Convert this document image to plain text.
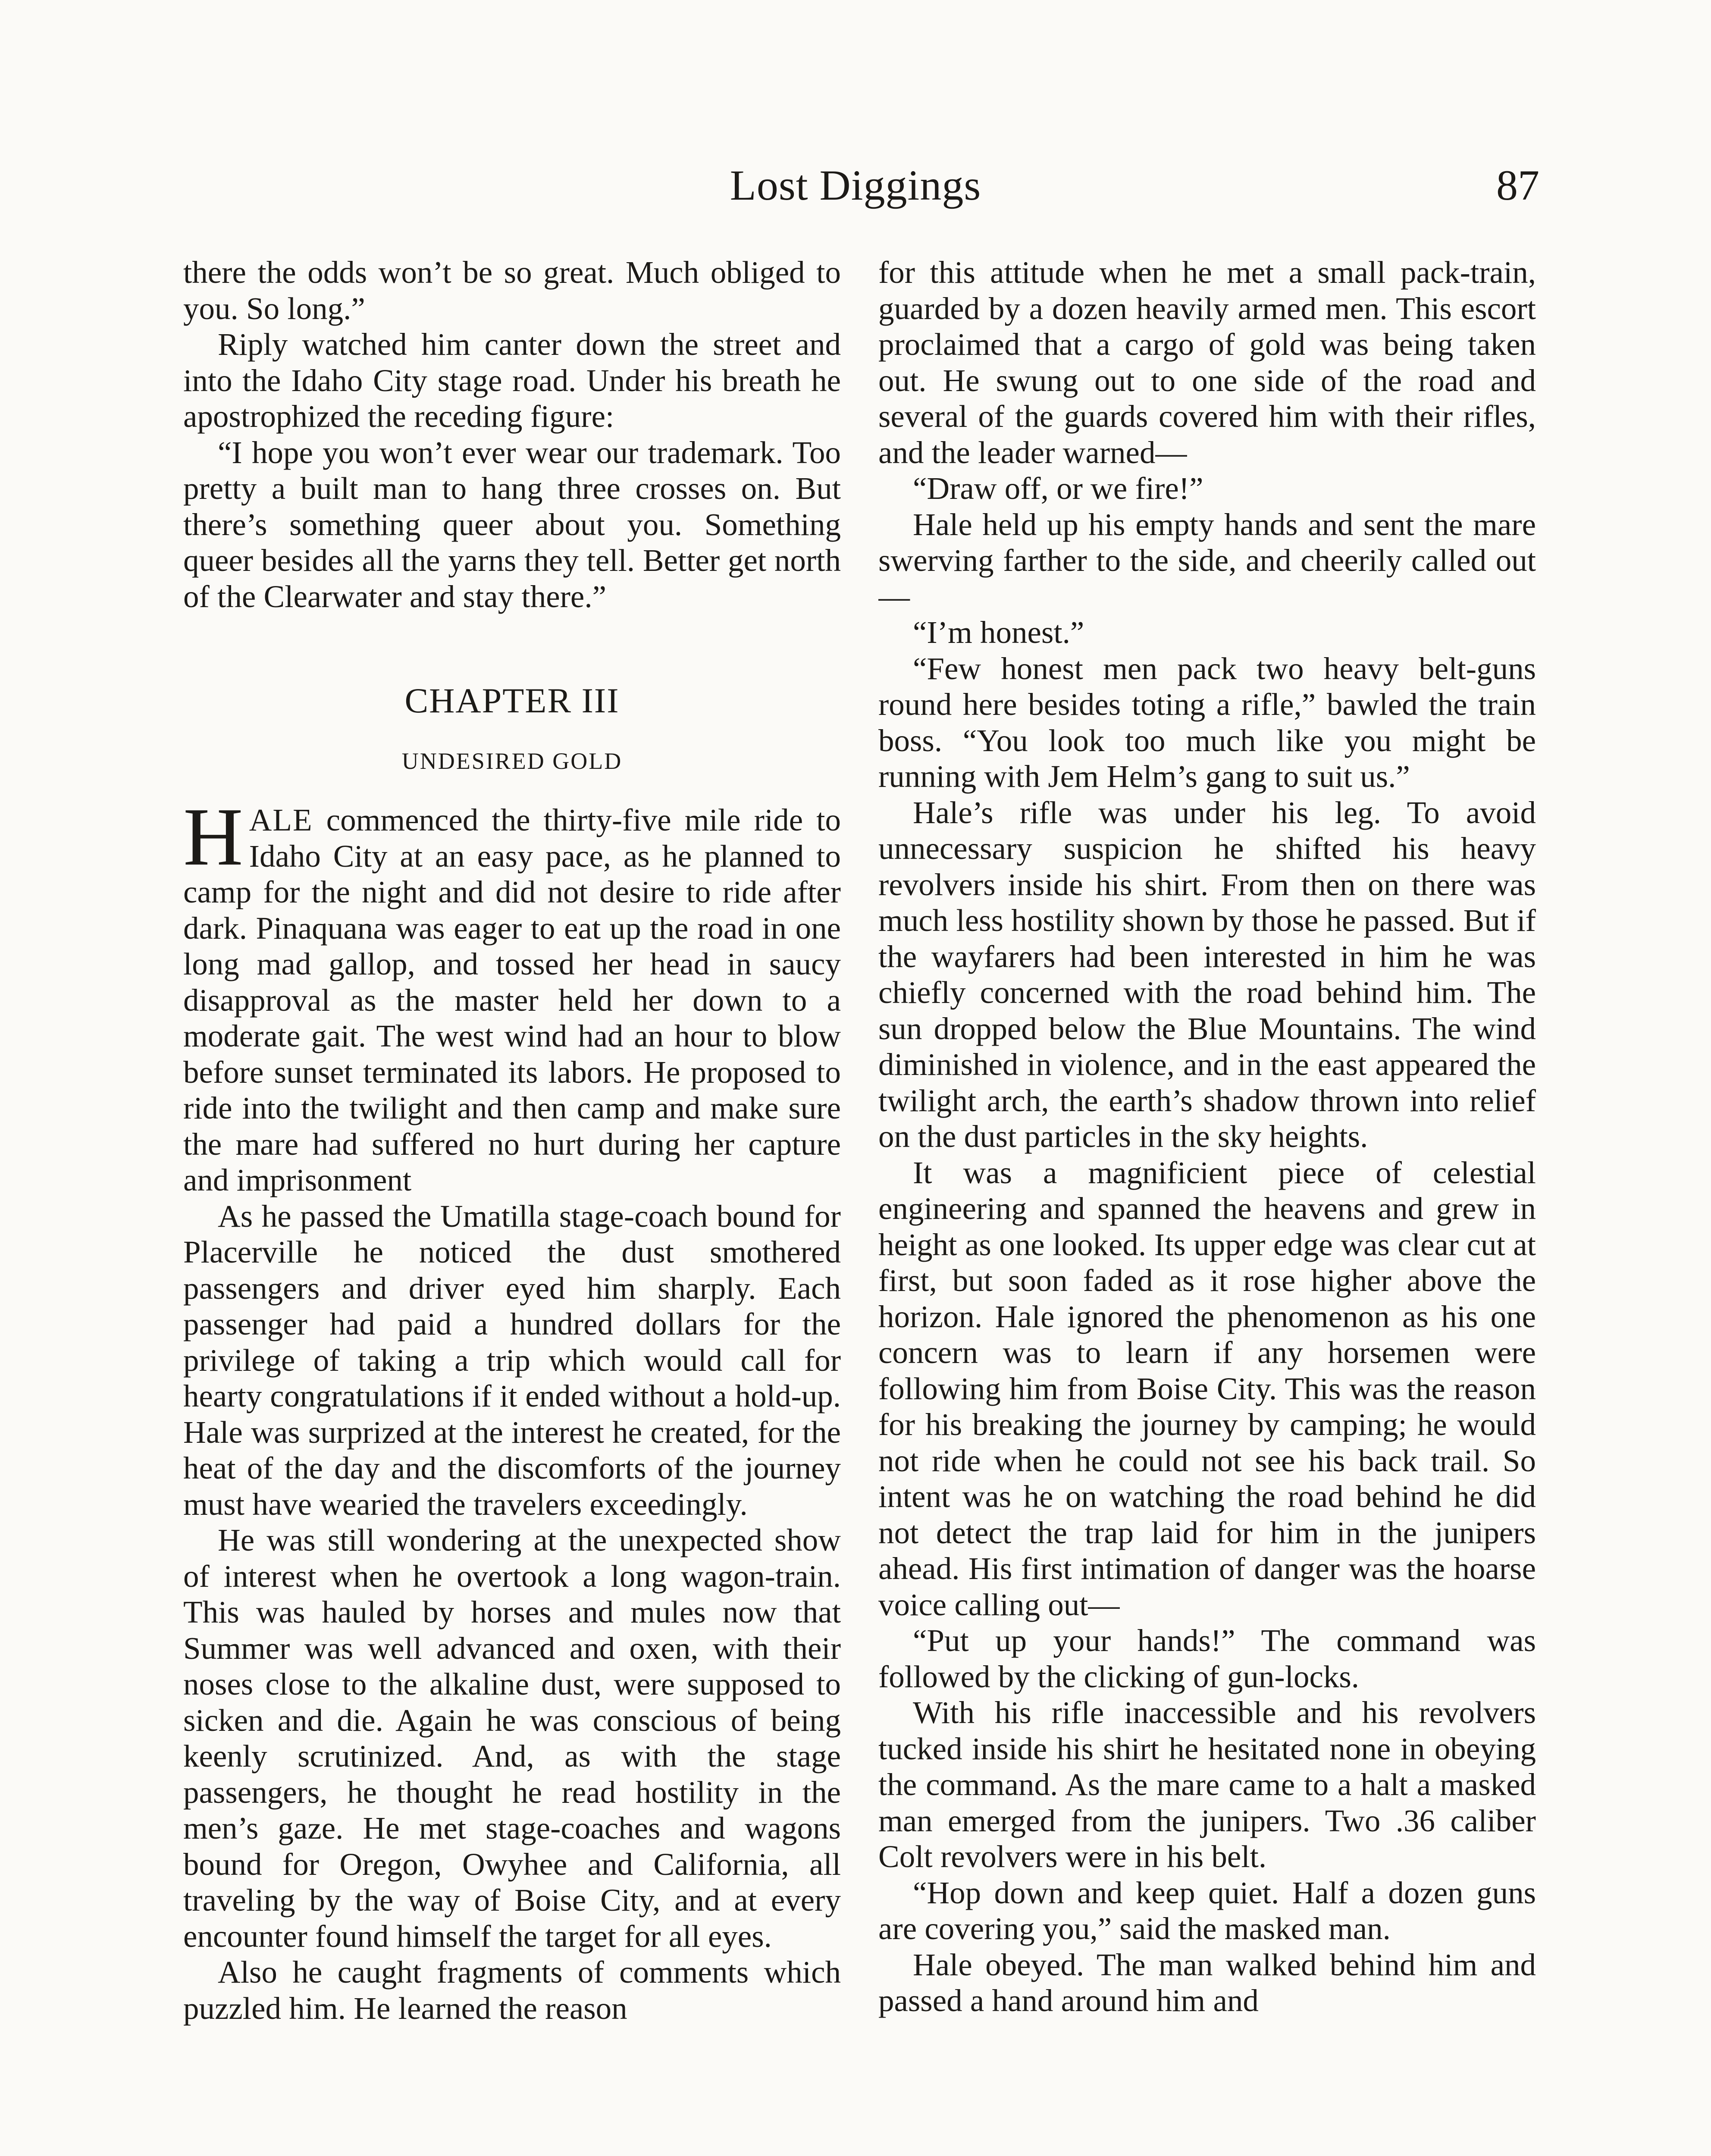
Lost Diggings	87

there the odds won’t be so great. Much obliged to you. So long.”

Riply watched him canter down the street and into the Idaho City stage road. Under his breath he apostrophized the receding figure:

“I hope you won’t ever wear our trademark. Too pretty a built man to hang three crosses on. But there’s something queer about you. Something queer besides all the yarns they tell. Better get north of the Clearwater and stay there.”

CHAPTER III
UNDESIRED GOLD

HALE commenced the thirty-five mile ride to Idaho City at an easy pace, as he planned to camp for the night and did not desire to ride after dark. Pinaquana was eager to eat up the road in one long mad gallop, and tossed her head in saucy disapproval as the master held her down to a moderate gait. The west wind had an hour to blow before sunset terminated its labors. He proposed to ride into the twilight and then camp and make sure the mare had suffered no hurt during her capture and imprisonment

As he passed the Umatilla stage-coach bound for Placerville he noticed the dust smothered passengers and driver eyed him sharply. Each passenger had paid a hundred dollars for the privilege of taking a trip which would call for hearty congratulations if it ended without a hold-up. Hale was surprized at the interest he created, for the heat of the day and the discomforts of the journey must have wearied the travelers exceedingly.

He was still wondering at the unexpected show of interest when he overtook a long wagon-train. This was hauled by horses and mules now that Summer was well advanced and oxen, with their noses close to the alkaline dust, were supposed to sicken and die. Again he was conscious of being keenly scrutinized. And, as with the stage passengers, he thought he read hostility in the men’s gaze. He met stage-coaches and wagons bound for Oregon, Owyhee and California, all traveling by the way of Boise City, and at every encounter found himself the target for all eyes.

Also he caught fragments of comments which puzzled him. He learned the reason

for this attitude when he met a small pack-train, guarded by a dozen heavily armed men. This escort proclaimed that a cargo of gold was being taken out. He swung out to one side of the road and several of the guards covered him with their rifles, and the leader warned—

“Draw off, or we fire!”

Hale held up his empty hands and sent the mare swerving farther to the side, and cheerily called out—

“I’m honest.”

“Few honest men pack two heavy belt-guns round here besides toting a rifle,” bawled the train boss. “You look too much like you might be running with Jem Helm’s gang to suit us.”

Hale’s rifle was under his leg. To avoid unnecessary suspicion he shifted his heavy revolvers inside his shirt. From then on there was much less hostility shown by those he passed. But if the wayfarers had been interested in him he was chiefly concerned with the road behind him. The sun dropped below the Blue Mountains. The wind diminished in violence, and in the east appeared the twilight arch, the earth’s shadow thrown into relief on the dust particles in the sky heights.

It was a magnificient piece of celestial engineering and spanned the heavens and grew in height as one looked. Its upper edge was clear cut at first, but soon faded as it rose higher above the horizon. Hale ignored the phenomenon as his one concern was to learn if any horsemen were following him from Boise City. This was the reason for his breaking the journey by camping; he would not ride when he could not see his back trail. So intent was he on watching the road behind he did not detect the trap laid for him in the junipers ahead. His first intimation of danger was the hoarse voice calling out—

“Put up your hands!” The command was followed by the clicking of gun-locks.

With his rifle inaccessible and his revolvers tucked inside his shirt he hesitated none in obeying the command. As the mare came to a halt a masked man emerged from the junipers. Two .36 caliber Colt revolvers were in his belt.

“Hop down and keep quiet. Half a dozen guns are covering you,” said the masked man.

Hale obeyed. The man walked behind him and passed a hand around him and
